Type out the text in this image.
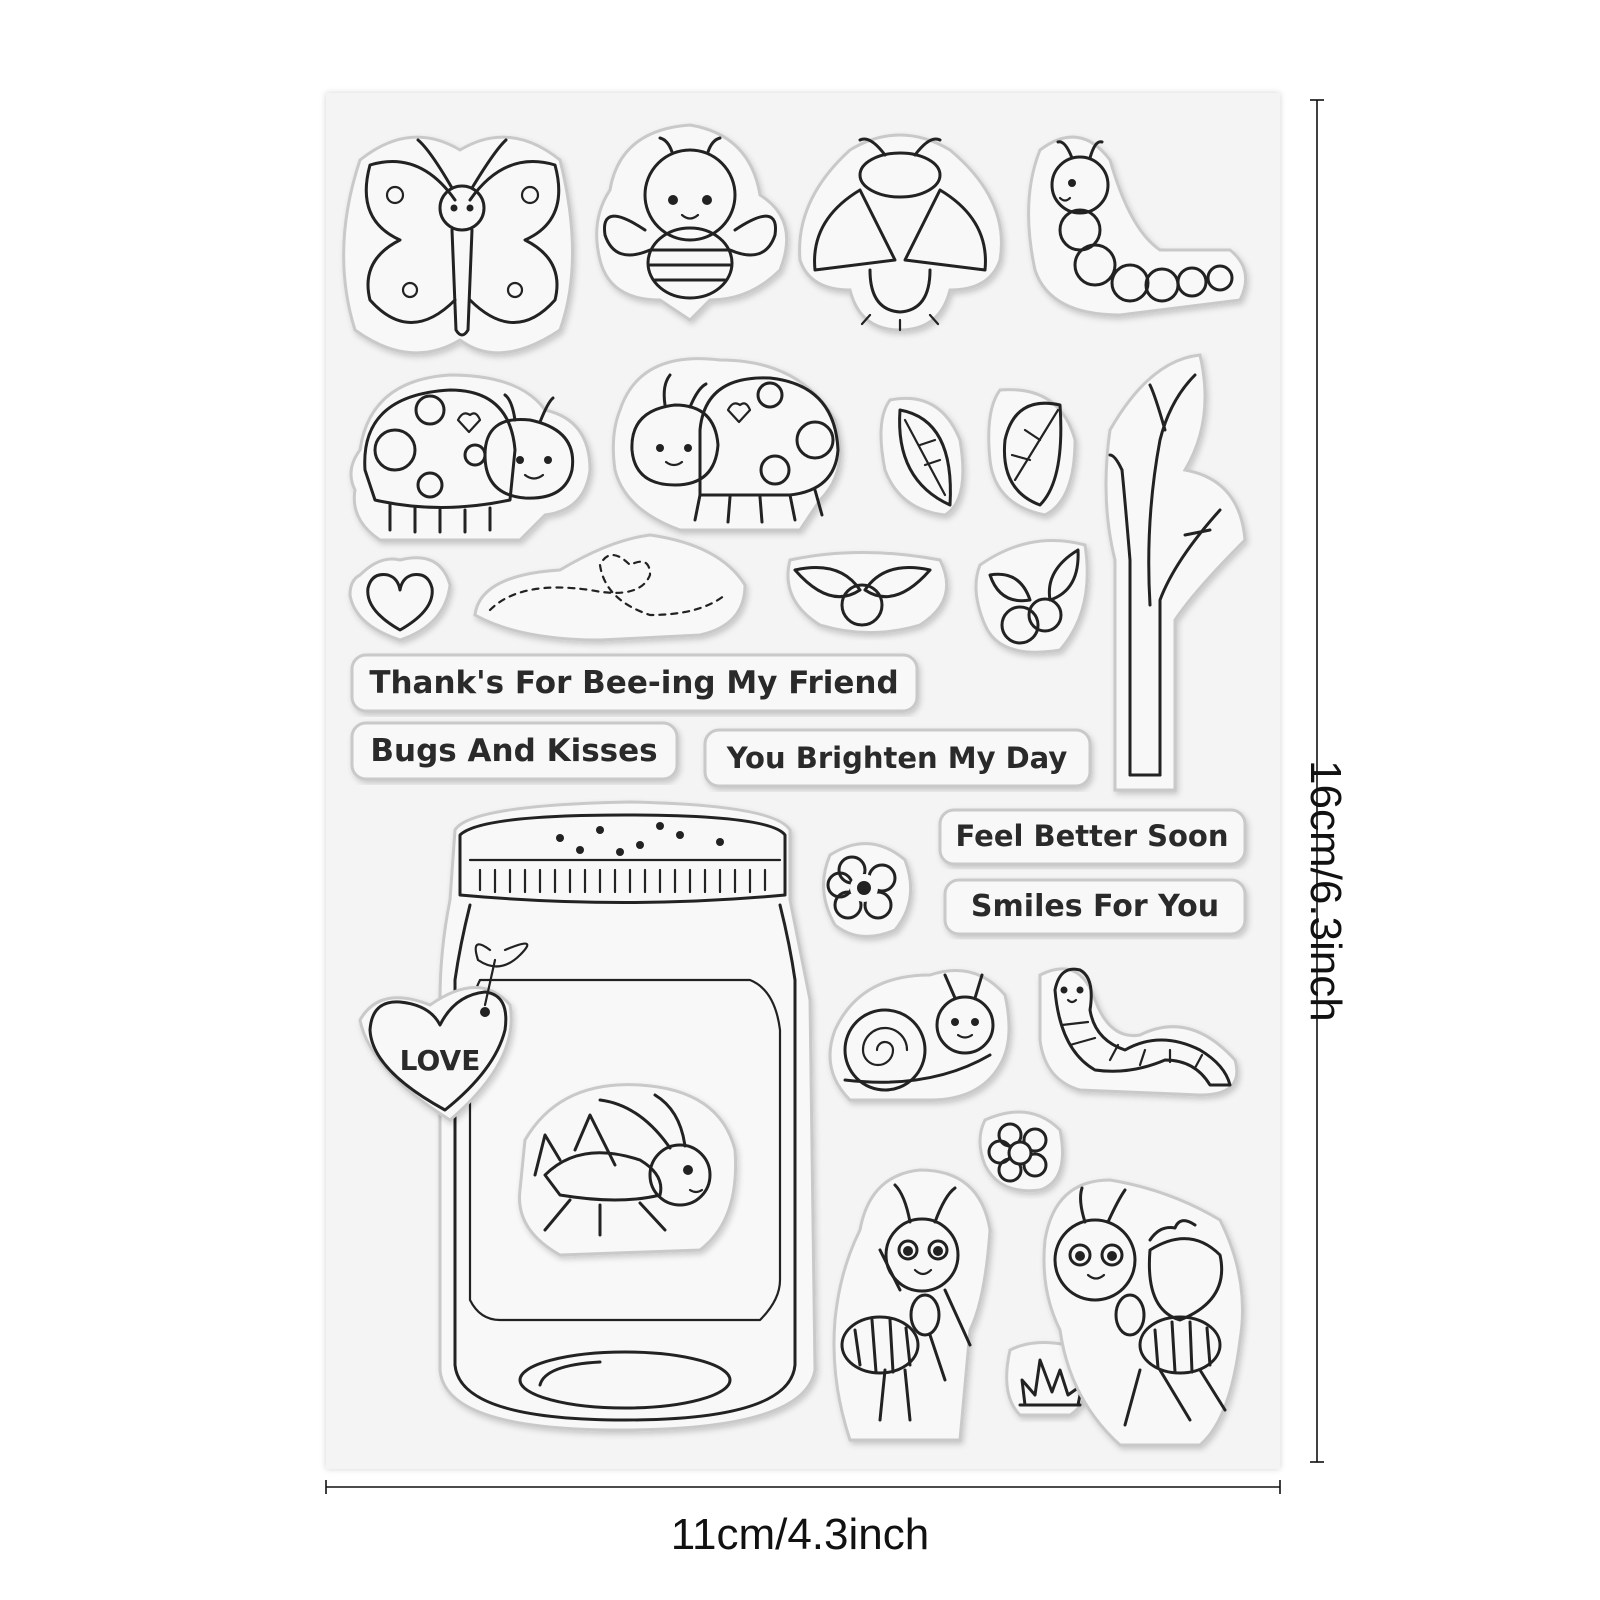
Thank's For Bee-ing My Friend
Bugs And Kisses You Brighten My Day
Feel Better Soon
Smiles For You
LOVE
11cm/4.3inch
16cm/6.3inch
